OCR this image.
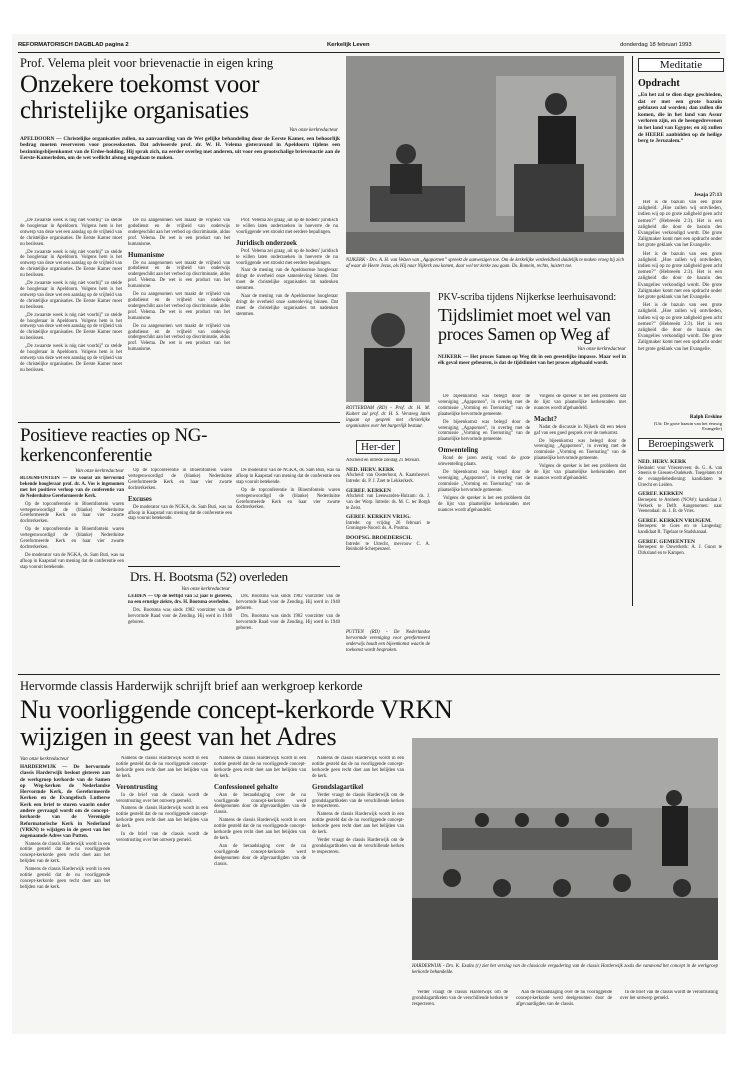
REFORMATORISCH DAGBLAD pagina 2	Kerkelijk Leven	donderdag 18 februari 1993
Prof. Velema pleit voor brievenactie in eigen kring
Onzekere toekomst voor christelijke organisaties
Van onze kerkredacteur
APELDOORN — Christelijke organisaties zullen, na aanvaarding van de Wet gelijke behandeling door de Eerste Kamer, een behoorlijk bedrag moeten reserveren voor processkosten. Dat adviseerde prof. dr. W. H. Velema gisteravond in Apeldoorn tijdens een bezinningsbijeenkomst van de Erdee-holding. Hij sprak zich, na eerder overleg met anderen, uit voor een grootschalige brievenactie aan de Eerste-Kamerleden, om de wet wellicht alsnog ongedaan te maken.

„De zwaarste week is nóg niet voorbij” zo stelde de hoogleraar in Apeldoorn. Volgens hem is het ontwerp van deze wet een aanslag op de vrijheid van de christelijke organisaties. De Eerste Kamer moet nu beslissen.

„De zwaarste week is nóg niet voorbij” zo stelde de hoogleraar in Apeldoorn. Volgens hem is het ontwerp van deze wet een aanslag op de vrijheid van de christelijke organisaties. De Eerste Kamer moet nu beslissen.

„De zwaarste week is nóg niet voorbij” zo stelde de hoogleraar in Apeldoorn. Volgens hem is het ontwerp van deze wet een aanslag op de vrijheid van de christelijke organisaties. De Eerste Kamer moet nu beslissen.

„De zwaarste week is nóg niet voorbij” zo stelde de hoogleraar in Apeldoorn. Volgens hem is het ontwerp van deze wet een aanslag op de vrijheid van de christelijke organisaties. De Eerste Kamer moet nu beslissen.

„De zwaarste week is nóg niet voorbij” zo stelde de hoogleraar in Apeldoorn. Volgens hem is het ontwerp van deze wet een aanslag op de vrijheid van de christelijke organisaties. De Eerste Kamer moet nu beslissen.

De nu aangenomen wet maakt de vrijheid van godsdienst en de vrijheid van onderwijs ondergeschikt aan het verbod op discriminatie, aldus prof. Velema. De wet is een product van het humanisme.

Humanisme

De nu aangenomen wet maakt de vrijheid van godsdienst en de vrijheid van onderwijs ondergeschikt aan het verbod op discriminatie, aldus prof. Velema. De wet is een product van het humanisme.

De nu aangenomen wet maakt de vrijheid van godsdienst en de vrijheid van onderwijs ondergeschikt aan het verbod op discriminatie, aldus prof. Velema. De wet is een product van het humanisme.

De nu aangenomen wet maakt de vrijheid van godsdienst en de vrijheid van onderwijs ondergeschikt aan het verbod op discriminatie, aldus prof. Velema. De wet is een product van het humanisme.

Prof. Velema zei graag ‚uit op de bodem’ juridisch te willen laten onderzoeken in hoeverre de nu voorliggende wet strookt met eerdere bepalingen.

Juridisch onderzoek

Prof. Velema zei graag ‚uit op de bodem’ juridisch te willen laten onderzoeken in hoeverre de nu voorliggende wet strookt met eerdere bepalingen.

Naar de mening van de Apeldoornse hoogleraar dringt de overheid onze samenleving binnen. Dat moet de christelijke organisaties tot nadenken stemmen.

Naar de mening van de Apeldoornse hoogleraar dringt de overheid onze samenleving binnen. Dat moet de christelijke organisaties tot nadenken stemmen.

NIJKERK - Drs. A. H. van Velzen van „Agapornen” spreekt de aanwezigen toe. Om de kerkelijke verdeeldheid duidelijk te maken vroeg hij zich af waar de Heere Jezus, als Hij naar Nijkerk zou komen, daar wel ter kerke zou gaan. Ds. Romein, rechts, luistert toe.
Meditatie
Opdracht
„En het zal te dien dage geschieden, dat er met een grote bazuin geblazen zal worden; dan zullen die komen, die in het land van Assur verloren zijn, en de heengedrevenen in het land van Egypte; en zij zullen de HEERE aanbidden op de heilige berg te Jeruzalem.”
Jesaja 27:13

Het is de bazuin van een grote zaligheid. „Hoe zullen wij ontvlieden, indien wij op zo grote zaligheid geen acht nemen?” (Hebreeën 2:3). Het is een zaligheid die door de bazuin des Evangelies verkondigd wordt. Die grote Zaligmaker komt met een opdracht onder het grote geklank van het Evangelie.

Het is de bazuin van een grote zaligheid. „Hoe zullen wij ontvlieden, indien wij op zo grote zaligheid geen acht nemen?” (Hebreeën 2:3). Het is een zaligheid die door de bazuin des Evangelies verkondigd wordt. Die grote Zaligmaker komt met een opdracht onder het grote geklank van het Evangelie.

Het is de bazuin van een grote zaligheid. „Hoe zullen wij ontvlieden, indien wij op zo grote zaligheid geen acht nemen?” (Hebreeën 2:3). Het is een zaligheid die door de bazuin des Evangelies verkondigd wordt. Die grote Zaligmaker komt met een opdracht onder het grote geklank van het Evangelie.

Ralph Erskine
(Uit: De grote bazuin van het eeuwig Evangelie)
Beroepingswerk
NED. HERV. KERK
Bedankt: voor Vriezenveen: ds. G. A. van Steenis te Giessen-Oudekerk. Toegelaten tot de evangeliebediening: kandidaten te Utrecht en Leiden.
GEREF. KERKEN
Beroepen: te Arnhem (NOW): kandidaat J. Verkerk te Delft. Aangenomen: naar Veenendaal: ds. J. B. de Vries.
GEREF. KERKEN VRIJGEM.
Beroepen: te Goes en te Langeslag: kandidaat R. Tigelaar te Stadskanaal.
GEREF. GEMEENTEN
Beroepen: te Ouwerkerk: A. J. Gunst te Dirksland en te Kampen.
ROTTERDAM (RD) - Prof. dr. H. M. Kuitert zal prof. dr. H. S. Versteeg laten ingaan op gesprek met christelijke organisaties over het burgerlijk bestuur.
Her-der
Afscheid en intrede zondag 21 februari.
NED. HERV. KERK
Afscheid: van Oosterhout, A. Kaatsheuvel. Intrede: ds. P. J. Zoet te Lekkerkerk.
GEREF. KERKEN
Afscheid: van Leeuwarden-Huizum: ds. J. van der Worp. Intrede: ds. M. C. ter Borgh te Zeist.
GEREF. KERKEN VRIJG.
Intrede: op vrijdag 26 februari te Groningen-Noord: ds. A. Postma.
DOOPSG. BROEDERSCH.
Intrede: te Utrecht, mevrouw C. A. Reinhold-Scherpenzeel.
PUTTEN (RD) - De Nederlandse hervormde vereniging voor gereformeerd onderwijs houdt een bijeenkomst waarin de toekomst wordt besproken.
PKV-scriba tijdens Nijkerkse leerhuisavond:
Tijdslimiet moet wel van proces Samen op Weg af
Van onze kerkredacteur
NIJKERK — Het proces Samen op Weg dit in een geestelijke impasse. Maar wel in elk geval meer gebeuren, is dat de tijdslimiet van het proces afgehaald wordt.

De bijeenkomst was belegd door de vereniging „Agapornen”, in overleg met de commissie „Vorming en Toerusting” van de plaatselijke hervormde gemeente.

De bijeenkomst was belegd door de vereniging „Agapornen”, in overleg met de commissie „Vorming en Toerusting” van de plaatselijke hervormde gemeente.

Omwenteling

Rond de jaren zestig vond de grote omwenteling plaats.

De bijeenkomst was belegd door de vereniging „Agapornen”, in overleg met de commissie „Vorming en Toerusting” van de plaatselijke hervormde gemeente.

Volgens de spreker is het een probleem dat de lijst van plaatselijke kerkenraden met nuances wordt afgehandeld.

Volgens de spreker is het een probleem dat de lijst van plaatselijke kerkenraden met nuances wordt afgehandeld.

Macht?

Nadat de discussie in Nijkerk dit een teken gaf van een goed gesprek over de toekomst.

De bijeenkomst was belegd door de vereniging „Agapornen”, in overleg met de commissie „Vorming en Toerusting” van de plaatselijke hervormde gemeente.

Volgens de spreker is het een probleem dat de lijst van plaatselijke kerkenraden met nuances wordt afgehandeld.

Positieve reacties op NG-kerkenconferentie
Van onze kerkredacteur

BLOEMFONTEIN — De vooral als hervormd bekende hoogleraar prof. dr. A. Vos is ingenomen met het positieve verloop van de conferentie van de Nederduitse Gereformeerde Kerk.

Op de topconferentie in Bloemfontein waren vertegenwoordigd de (blanke) Nederduitse Gereformeerde Kerk en haar vier zwarte dochterkerken.

Op de topconferentie in Bloemfontein waren vertegenwoordigd de (blanke) Nederduitse Gereformeerde Kerk en haar vier zwarte dochterkerken.

De moderator van de NGKA, ds. Sam Buti, was na afloop in Kaapstad van mening dat de conferentie een stap vooruit betekende.

Op de topconferentie in Bloemfontein waren vertegenwoordigd de (blanke) Nederduitse Gereformeerde Kerk en haar vier zwarte dochterkerken.

Excuses

De moderator van de NGKA, ds. Sam Buti, was na afloop in Kaapstad van mening dat de conferentie een stap vooruit betekende.

De moderator van de NGKA, ds. Sam Buti, was na afloop in Kaapstad van mening dat de conferentie een stap vooruit betekende.

Op de topconferentie in Bloemfontein waren vertegenwoordigd de (blanke) Nederduitse Gereformeerde Kerk en haar vier zwarte dochterkerken.

Drs. H. Bootsma (52) overleden
Van onze kerkredacteur

LEIDEN — Op de leeftijd van 52 jaar is gisteren, na een ernstige ziekte, drs. H. Bootsma overleden.

Drs. Bootsma was sinds 1982 voorzitter van de hervormde Raad voor de Zending. Hij werd in 1940 geboren.

Drs. Bootsma was sinds 1982 voorzitter van de hervormde Raad voor de Zending. Hij werd in 1940 geboren.

Drs. Bootsma was sinds 1982 voorzitter van de hervormde Raad voor de Zending. Hij werd in 1940 geboren.

Hervormde classis Harderwijk schrijft brief aan werkgroep kerkorde
Nu voorliggende concept-kerkorde VRKN wijzigen in geest van het Adres
Van onze kerkredacteur

HARDERWIJK — De hervormde classis Harderwijk besloot gisteren aan de werkgroep kerkorde van de Samen op Weg-kerken de Nederlandse Hervormde Kerk, de Gereformeerde Kerken en de Evangelisch Lutherse Kerk een brief te sturen waarin onder andere gevraagd wordt om de concept-kerkorde van de Verenigde Reformatorische Kerk in Nederland (VRKN) te wijzigen in de geest van het zogenaamde Adres van Putten.

Namens de classis Harderwijk wordt in een notitie gesteld dat de nu voorliggende concept-kerkorde geen recht doet aan het belijden van de kerk.

Namens de classis Harderwijk wordt in een notitie gesteld dat de nu voorliggende concept-kerkorde geen recht doet aan het belijden van de kerk.

Namens de classis Harderwijk wordt in een notitie gesteld dat de nu voorliggende concept-kerkorde geen recht doet aan het belijden van de kerk.

Verontrusting

In de brief van de classis wordt de verontrusting over het ontwerp gemeld.

Namens de classis Harderwijk wordt in een notitie gesteld dat de nu voorliggende concept-kerkorde geen recht doet aan het belijden van de kerk.

In de brief van de classis wordt de verontrusting over het ontwerp gemeld.

Namens de classis Harderwijk wordt in een notitie gesteld dat de nu voorliggende concept-kerkorde geen recht doet aan het belijden van de kerk.

Confessioneel gehalte

Aan de beraadslaging over de nu voorliggende concept-kerkorde werd deelgenomen door de afgevaardigden van de classis.

Namens de classis Harderwijk wordt in een notitie gesteld dat de nu voorliggende concept-kerkorde geen recht doet aan het belijden van de kerk.

Aan de beraadslaging over de nu voorliggende concept-kerkorde werd deelgenomen door de afgevaardigden van de classis.

Namens de classis Harderwijk wordt in een notitie gesteld dat de nu voorliggende concept-kerkorde geen recht doet aan het belijden van de kerk.

Grondslagartikel

Verder vraagt de classis Harderwijk om de grondslagartikelen van de verschillende kerken te respecteren.

Namens de classis Harderwijk wordt in een notitie gesteld dat de nu voorliggende concept-kerkorde geen recht doet aan het belijden van de kerk.

Verder vraagt de classis Harderwijk om de grondslagartikelen van de verschillende kerken te respecteren.

HARDERWIJK - Drs. K. Exalto (r) ziet het verslag van de classicale vergadering van de classis Harderwijk zoals die vanavond het concept in de werkgroep kerkorde behandelde.

Verder vraagt de classis Harderwijk om de grondslagartikelen van de verschillende kerken te respecteren.

Aan de beraadslaging over de nu voorliggende concept-kerkorde werd deelgenomen door de afgevaardigden van de classis.

In de brief van de classis wordt de verontrusting over het ontwerp gemeld.
